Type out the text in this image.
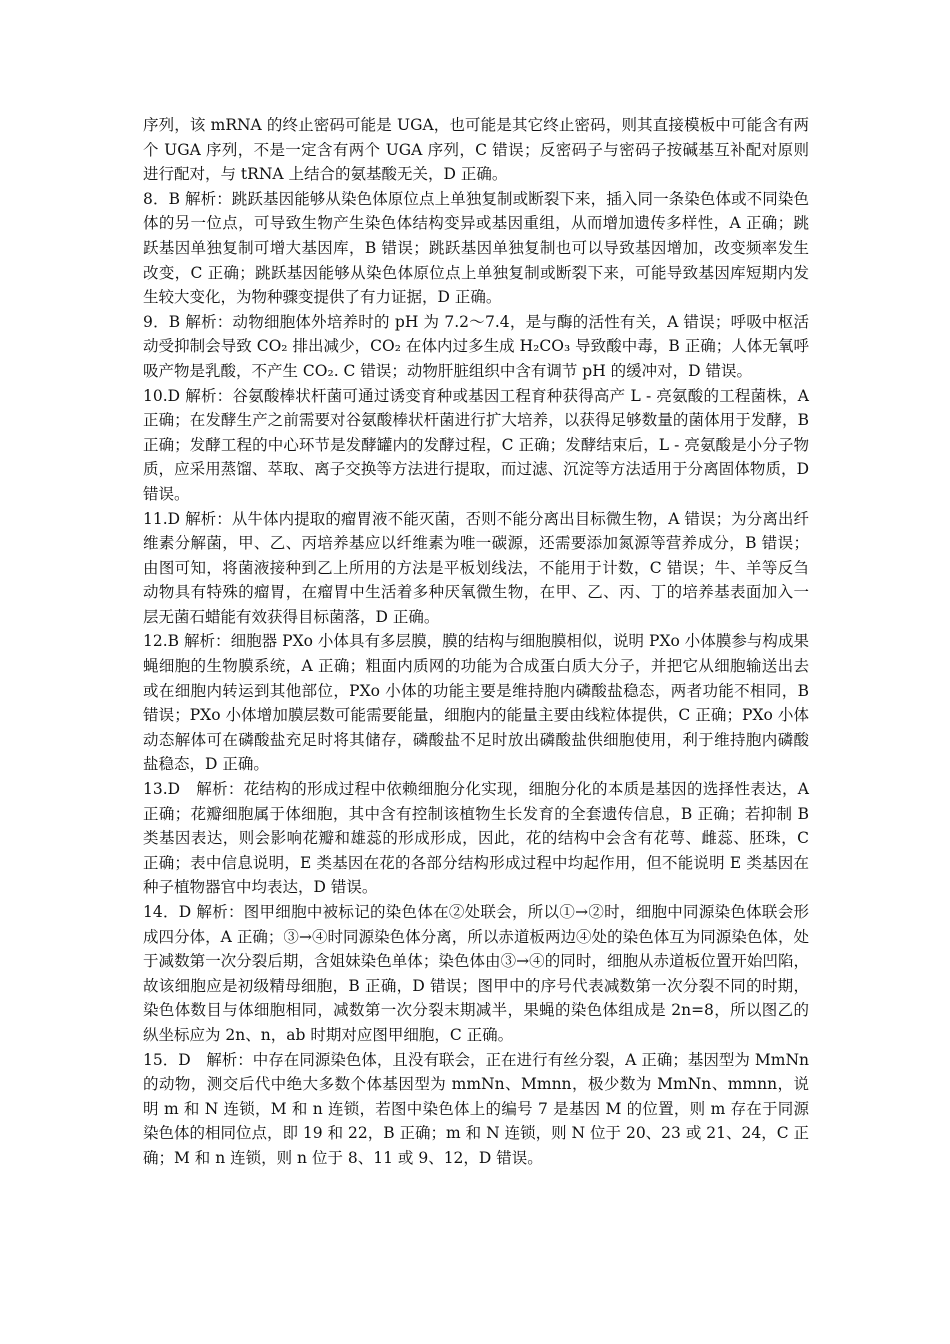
序列，该 mRNA 的终止密码可能是 UGA，也可能是其它终止密码，则其直接模板中可能含有两个 UGA 序列，不是一定含有两个 UGA 序列，C 错误；反密码子与密码子按碱基互补配对原则进行配对，与 tRNA 上结合的氨基酸无关，D 正确。

8．B 解析：跳跃基因能够从染色体原位点上单独复制或断裂下来，插入同一条染色体或不同染色体的另一位点，可导致生物产生染色体结构变异或基因重组，从而增加遗传多样性，A 正确；跳跃基因单独复制可增大基因库，B 错误；跳跃基因单独复制也可以导致基因增加，改变频率发生改变，C 正确；跳跃基因能够从染色体原位点上单独复制或断裂下来，可能导致基因库短期内发生较大变化，为物种骤变提供了有力证据，D 正确。

9．B 解析：动物细胞体外培养时的 pH 为 7.2～7.4，是与酶的活性有关，A 错误；呼吸中枢活动受抑制会导致 CO₂ 排出减少，CO₂ 在体内过多生成 H₂CO₃ 导致酸中毒，B 正确；人体无氧呼吸产物是乳酸，不产生 CO₂. C 错误；动物肝脏组织中含有调节 pH 的缓冲对，D 错误。

10.D 解析：谷氨酸棒状杆菌可通过诱变育种或基因工程育种获得高产 L - 亮氨酸的工程菌株，A 正确；在发酵生产之前需要对谷氨酸棒状杆菌进行扩大培养，以获得足够数量的菌体用于发酵，B 正确；发酵工程的中心环节是发酵罐内的发酵过程，C 正确；发酵结束后，L - 亮氨酸是小分子物质，应采用蒸馏、萃取、离子交换等方法进行提取，而过滤、沉淀等方法适用于分离固体物质，D 错误。

11.D 解析：从牛体内提取的瘤胃液不能灭菌，否则不能分离出目标微生物，A 错误；为分离出纤维素分解菌，甲、乙、丙培养基应以纤维素为唯一碳源，还需要添加氮源等营养成分，B 错误；由图可知，将菌液接种到乙上所用的方法是平板划线法，不能用于计数，C 错误；牛、羊等反刍动物具有特殊的瘤胃，在瘤胃中生活着多种厌氧微生物，在甲、乙、丙、丁的培养基表面加入一层无菌石蜡能有效获得目标菌落，D 正确。

12.B 解析：细胞器 PXo 小体具有多层膜，膜的结构与细胞膜相似，说明 PXo 小体膜参与构成果蝇细胞的生物膜系统，A 正确；粗面内质网的功能为合成蛋白质大分子，并把它从细胞输送出去或在细胞内转运到其他部位，PXo 小体的功能主要是维持胞内磷酸盐稳态，两者功能不相同，B 错误；PXo 小体增加膜层数可能需要能量，细胞内的能量主要由线粒体提供，C 正确；PXo 小体动态解体可在磷酸盐充足时将其储存，磷酸盐不足时放出磷酸盐供细胞使用，利于维持胞内磷酸盐稳态，D 正确。

13.D　解析：花结构的形成过程中依赖细胞分化实现，细胞分化的本质是基因的选择性表达，A 正确；花瓣细胞属于体细胞，其中含有控制该植物生长发育的全套遗传信息，B 正确；若抑制 B 类基因表达，则会影响花瓣和雄蕊的形成形成，因此，花的结构中会含有花萼、雌蕊、胚珠，C 正确；表中信息说明，E 类基因在花的各部分结构形成过程中均起作用，但不能说明 E 类基因在种子植物器官中均表达，D 错误。

14．D 解析：图甲细胞中被标记的染色体在②处联会，所以①→②时，细胞中同源染色体联会形成四分体，A 正确；③→④时同源染色体分离，所以赤道板两边④处的染色体互为同源染色体，处于减数第一次分裂后期，含姐妹染色单体；染色体由③→④的同时，细胞从赤道板位置开始凹陷，故该细胞应是初级精母细胞，B 正确，D 错误；图甲中的序号代表减数第一次分裂不同的时期，染色体数目与体细胞相同，减数第一次分裂末期减半，果蝇的染色体组成是 2n=8，所以图乙的纵坐标应为 2n、n，ab 时期对应图甲细胞，C 正确。

15．D　解析：中存在同源染色体，且没有联会，正在进行有丝分裂，A 正确；基因型为 MmNn 的动物，测交后代中绝大多数个体基因型为 mmNn、Mmnn，极少数为 MmNn、mmnn，说明 m 和 N 连锁，M 和 n 连锁，若图中染色体上的编号 7 是基因 M 的位置，则 m 存在于同源染色体的相同位点，即 19 和 22，B 正确；m 和 N 连锁，则 N 位于 20、23 或 21、24，C 正确；M 和 n 连锁，则 n 位于 8、11 或 9、12，D 错误。
